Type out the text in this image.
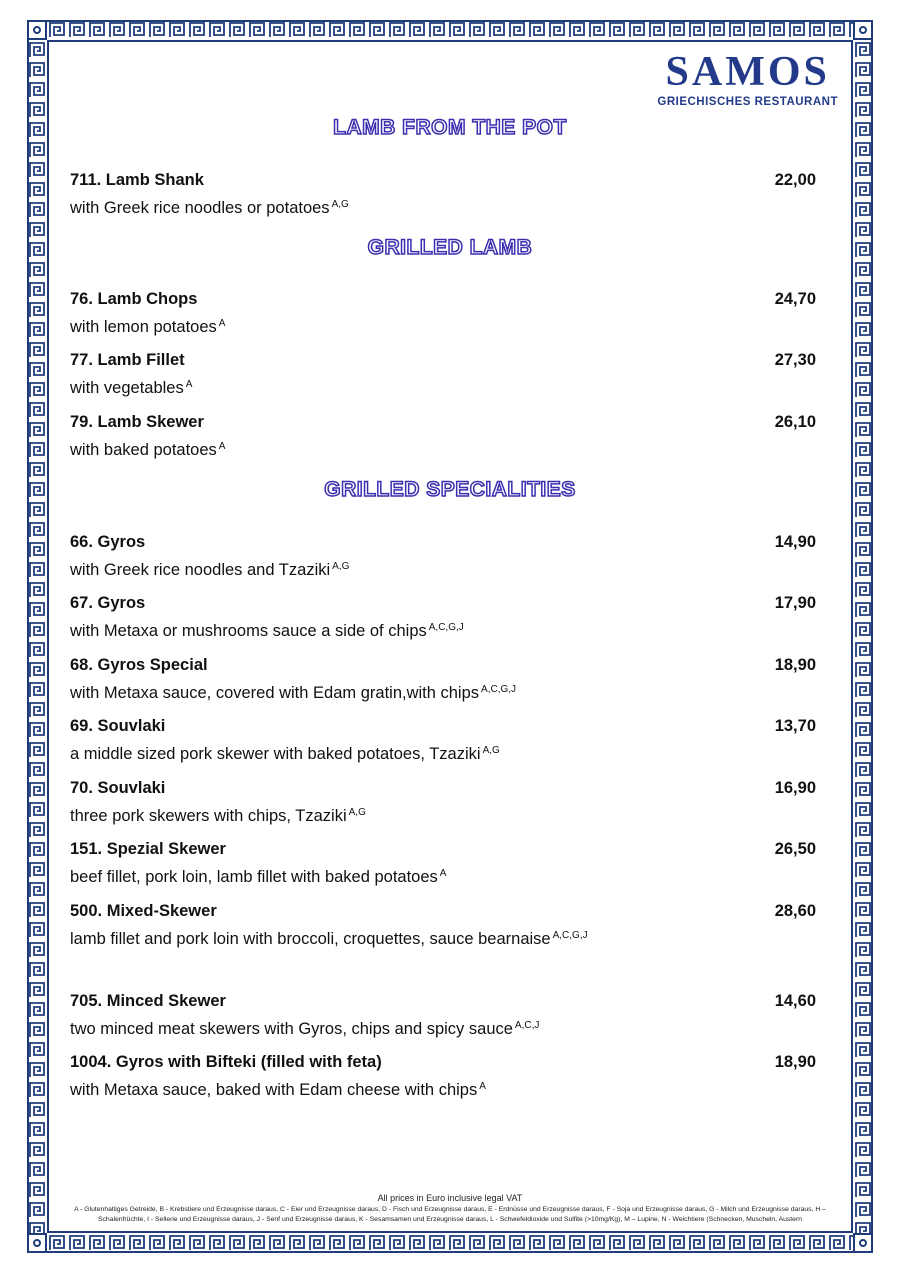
SAMOS
GRIECHISCHES RESTAURANT
LAMB FROM THE POT
711. Lamb Shank	22,00
with Greek rice noodles or potatoes $^{A,G}$
GRILLED LAMB
76. Lamb Chops	24,70
with lemon potatoes $^A$
77. Lamb Fillet	27,30
with vegetables $^A$
79. Lamb Skewer	26,10
with baked potatoes $^A$
GRILLED SPECIALITIES
66. Gyros	14,90
with Greek rice noodles and Tzaziki $^{A,G}$
67. Gyros	17,90
with Metaxa or mushrooms sauce a side of chips $^{A,C,G,J}$
68. Gyros Special	18,90
with Metaxa sauce, covered with Edam gratin,with chips $^{A,C,G,J}$
69. Souvlaki	13,70
a middle sized pork skewer with baked potatoes, Tzaziki $^{A,G}$
70. Souvlaki	16,90
three pork skewers with chips, Tzaziki $^{A,G}$
151. Spezial Skewer	26,50
beef fillet, pork loin, lamb fillet with baked potatoes $^A$
500. Mixed-Skewer	28,60
lamb fillet and pork loin with broccoli, croquettes, sauce bearnaise $^{A,C,G,J}$
705. Minced Skewer	14,60
two minced meat skewers with Gyros, chips and spicy sauce $^{A,C,J}$
1004. Gyros with Bifteki (filled with feta)	18,90
with Metaxa sauce, baked with Edam cheese with chips $^A$
All prices in Euro inclusive legal VAT
A - Glutenhaltiges Getreide, B - Krebstiere und Erzeugnisse daraus, C - Eier und Erzeugnisse daraus, D - Fisch und Erzeugnisse daraus, E - Erdnüsse und Erzeugnisse daraus, F - Soja und Erzeugnisse daraus, G - Milch und Erzeugnisse daraus, H –
Schalenfrüchte, I - Sellerie und Erzeugnisse daraus, J - Senf und Erzeugnisse daraus, K - Sesamsamen und Erzeugnisse daraus, L - Schwefeldioxide und Sulfite (>10mg/Kg), M – Lupine, N - Weichtiere (Schnecken, Muscheln, Austern
